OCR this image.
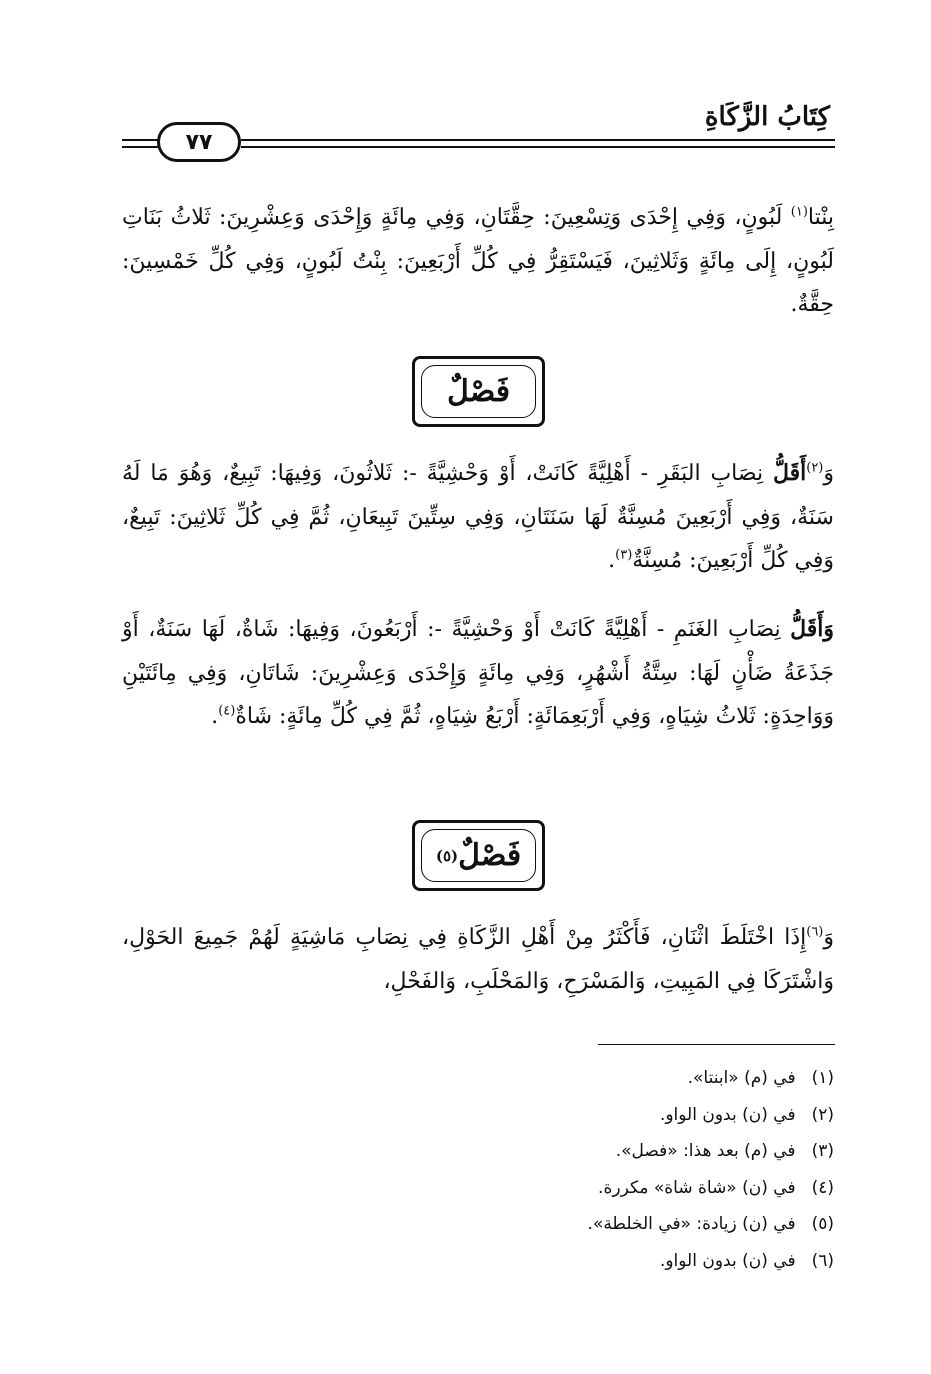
كِتَابُ الزَّكَاةِ
٧٧
بِنْتا$^{(١)}$ لَبُونٍ، وَفِي إِحْدَى وَتِسْعِينَ: حِقَّتَانِ، وَفِي مِائَةٍ وَإِحْدَى وَعِشْرِينَ: ثَلاثُ بَنَاتِ لَبُونٍ، إِلَى مِائَةٍ وَثَلاثِينَ، فَيَسْتَقِرُّ فِي كُلِّ أَرْبَعِينَ: بِنْتُ لَبُونٍ، وَفِي كُلِّ خَمْسِينَ: حِقَّةٌ.
فَصْلٌ
وَ$^{(٢)}$أَقَلُّ نِصَابِ البَقَرِ - أَهْلِيَّةً كَانَتْ، أَوْ وَحْشِيَّةً -: ثَلاثُونَ، وَفِيهَا: تَبِيعٌ، وَهُوَ مَا لَهُ سَنَةٌ، وَفِي أَرْبَعِينَ مُسِنَّةٌ لَهَا سَنَتَانِ، وَفِي سِتِّينَ تَبِيعَانِ، ثُمَّ فِي كُلِّ ثَلاثِينَ: تَبِيعٌ، وَفِي كُلِّ أَرْبَعِينَ: مُسِنَّةٌ$^{(٣)}$.
وَأَقَلُّ نِصَابِ الغَنَمِ - أَهْلِيَّةً كَانَتْ أَوْ وَحْشِيَّةً -: أَرْبَعُونَ، وَفِيهَا: شَاةٌ، لَهَا سَنَةٌ، أَوْ جَذَعَةُ ضَأْنٍ لَهَا: سِتَّةُ أَشْهُرٍ، وَفِي مِائَةٍ وَإِحْدَى وَعِشْرِينَ: شَاتَانِ، وَفِي مِائَتَيْنِ وَوَاحِدَةٍ: ثَلاثُ شِيَاهٍ، وَفِي أَرْبَعِمَائَةٍ: أَرْبَعُ شِيَاهٍ، ثُمَّ فِي كُلِّ مِائَةٍ: شَاةٌ$^{(٤)}$.
فَصْلٌ
(٥)
وَ$^{(٦)}$إِذَا اخْتَلَطَ اثْنَانِ، فَأَكْثَرُ مِنْ أَهْلِ الزَّكَاةِ فِي نِصَابِ مَاشِيَةٍ لَهُمْ جَمِيعَ الحَوْلِ، وَاشْتَرَكَا فِي المَبِيتِ، وَالمَسْرَحِ، وَالمَحْلَبِ، وَالفَحْلِ،
(١)في (م) «ابنتا».
(٢)في (ن) بدون الواو.
(٣)في (م) بعد هذا: «فصل».
(٤)في (ن) «شاة شاة» مكررة.
(٥)في (ن) زيادة: «في الخلطة».
(٦)في (ن) بدون الواو.
